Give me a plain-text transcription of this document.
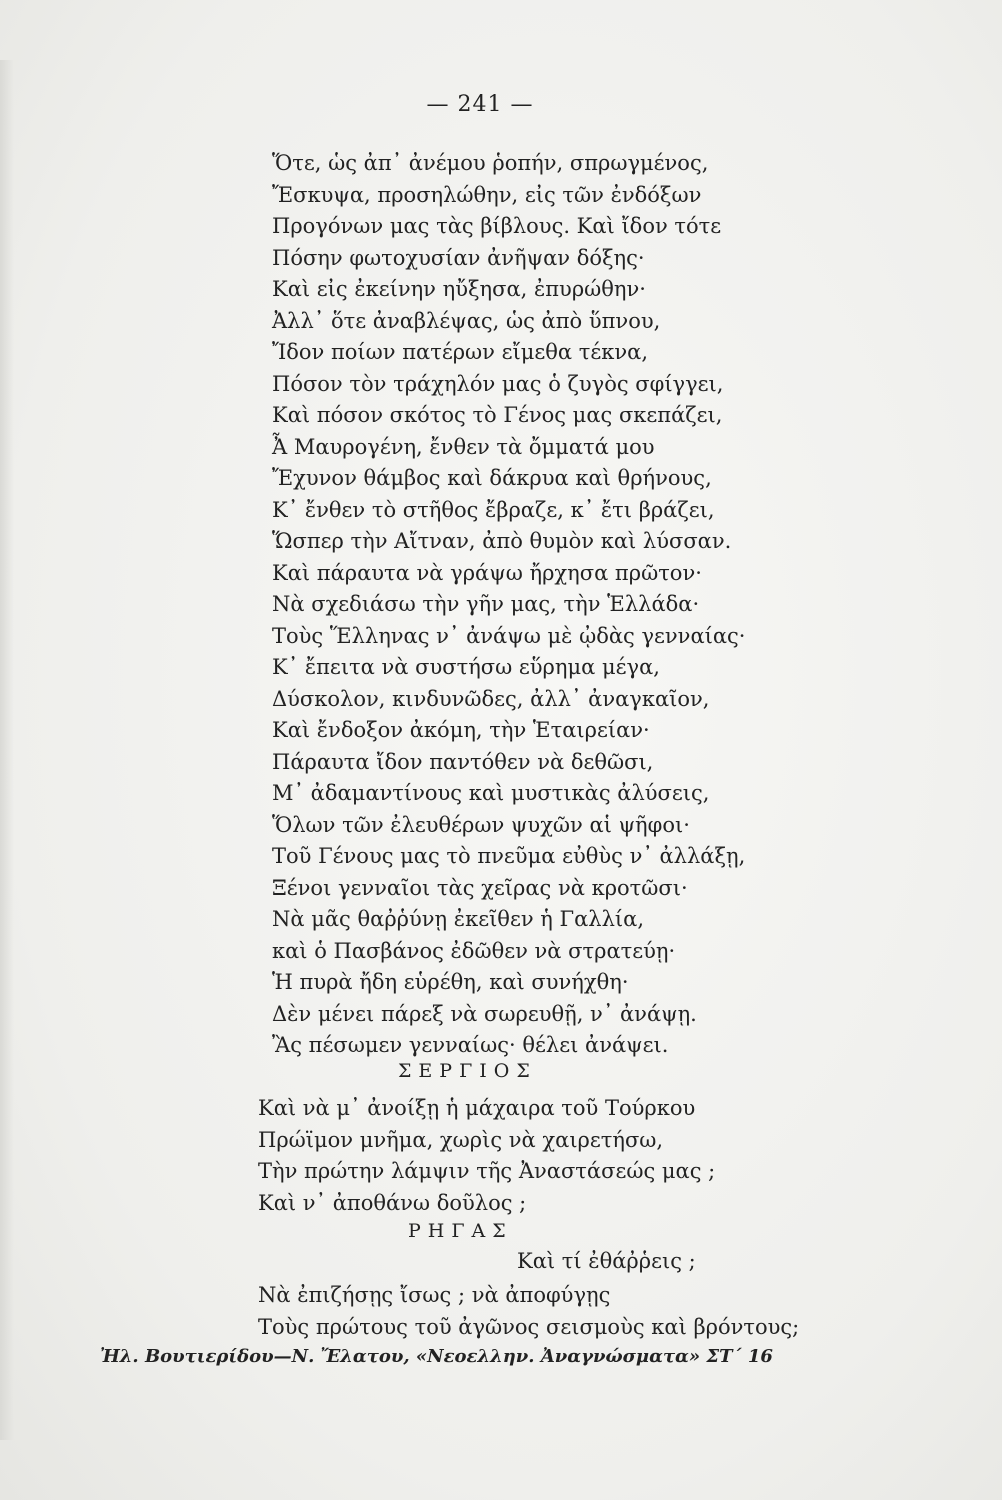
— 241 —
Ὅτε, ὡς ἀπ᾽ ἀνέμου ῥοπήν, σπρωγμένος,
Ἔσκυψα, προσηλώθην, εἰς τῶν ἐνδόξων
Προγόνων μας τὰς βίβλους. Καὶ ἴδον τότε
Πόσην φωτοχυσίαν ἀνῆψαν δόξης·
Καὶ εἰς ἐκείνην ηὔξησα, ἐπυρώθην·
Ἀλλ᾽ ὅτε ἀναβλέψας, ὡς ἀπὸ ὕπνου,
Ἴδον ποίων πατέρων εἴμεθα τέκνα,
Πόσον τὸν τράχηλόν μας ὁ ζυγὸς σφίγγει,
Καὶ πόσον σκότος τὸ Γένος μας σκεπάζει,
Ἆ Μαυρογένη, ἔνθεν τὰ ὄμματά μου
Ἔχυνον θάμβος καὶ δάκρυα καὶ θρήνους,
Κ᾽ ἔνθεν τὸ στῆθος ἔβραζε, κ᾽ ἔτι βράζει,
Ὥσπερ τὴν Αἴτναν, ἀπὸ θυμὸν καὶ λύσσαν.
Καὶ πάραυτα νὰ γράψω ἤρχησα πρῶτον·
Νὰ σχεδιάσω τὴν γῆν μας, τὴν Ἑλλάδα·
Τοὺς Ἕλληνας ν᾽ ἀνάψω μὲ ᾠδὰς γενναίας·
Κ᾽ ἔπειτα νὰ συστήσω εὕρημα μέγα,
Δύσκολον, κινδυνῶδες, ἀλλ᾽ ἀναγκαῖον,
Καὶ ἔνδοξον ἀκόμη, τὴν Ἑταιρείαν·
Πάραυτα ἴδον παντόθεν νὰ δεθῶσι,
Μ᾽ ἀδαμαντίνους καὶ μυστικὰς ἀλύσεις,
Ὅλων τῶν ἐλευθέρων ψυχῶν αἱ ψῆφοι·
Τοῦ Γένους μας τὸ πνεῦμα εὐθὺς ν᾽ ἀλλάξῃ,
Ξένοι γενναῖοι τὰς χεῖρας νὰ κροτῶσι·
Νὰ μᾶς θαῤῥύνῃ ἐκεῖθεν ἡ Γαλλία,
καὶ ὁ Πασβάνος ἐδῶθεν νὰ στρατεύῃ·
Ἡ πυρὰ ἤδη εὑρέθη, καὶ συνήχθη·
Δὲν μένει πάρεξ νὰ σωρευθῇ, ν᾽ ἀνάψῃ.
Ἂς πέσωμεν γενναίως· θέλει ἀνάψει.
ΣΕΡΓΙΟΣ
Καὶ νὰ μ᾽ ἀνοίξῃ ἡ μάχαιρα τοῦ Τούρκου
Πρώϊμον μνῆμα, χωρὶς νὰ χαιρετήσω,
Τὴν πρώτην λάμψιν τῆς Ἀναστάσεώς μας ;
Καὶ ν᾽ ἀποθάνω δοῦλος ;
ΡΗΓΑΣ
Καὶ τί ἐθάῤῥεις ;
Νὰ ἐπιζήσῃς ἴσως ; νὰ ἀποφύγῃς
Τοὺς πρώτους τοῦ ἀγῶνος σεισμοὺς καὶ βρόντους;
Ἠλ. Βουτιερίδου—Ν. Ἔλατου, «Νεοελλην. Ἀναγνώσματα» ΣΤ΄ 16
